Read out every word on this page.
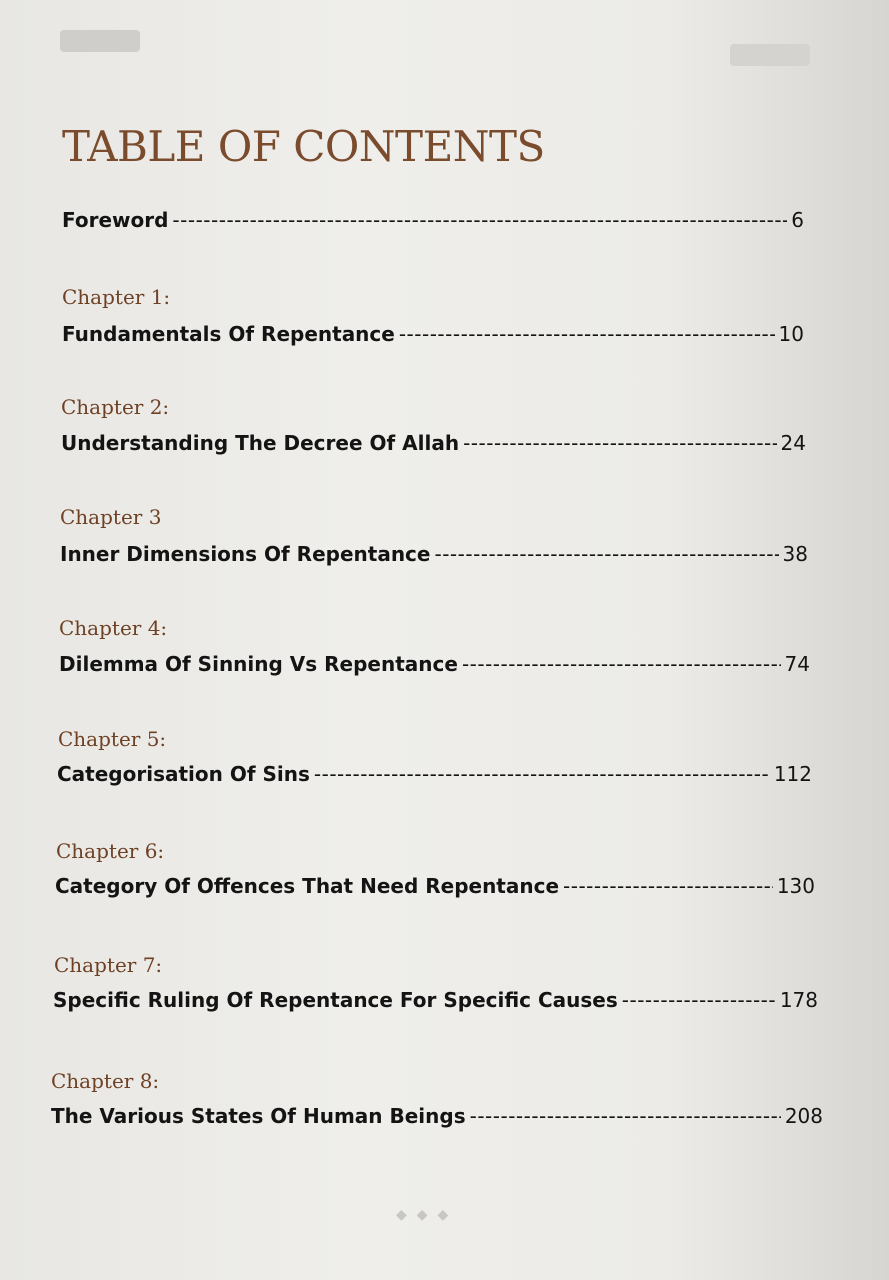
TABLE OF CONTENTS
Foreword -----	6
Chapter 1:
Fundamentals Of Repentance -----	10
Chapter 2:
Understanding The Decree Of Allah -----	24
Chapter 3
Inner Dimensions Of Repentance -----	38
Chapter 4:
Dilemma Of Sinning Vs Repentance -----	74
Chapter 5:
Categorisation Of Sins -----	112
Chapter 6:
Category Of Offences That Need Repentance -----	130
Chapter 7:
Specific Ruling Of Repentance For Specific Causes -----	178
Chapter 8:
The Various States Of Human Beings -----	208
◆◆◆
